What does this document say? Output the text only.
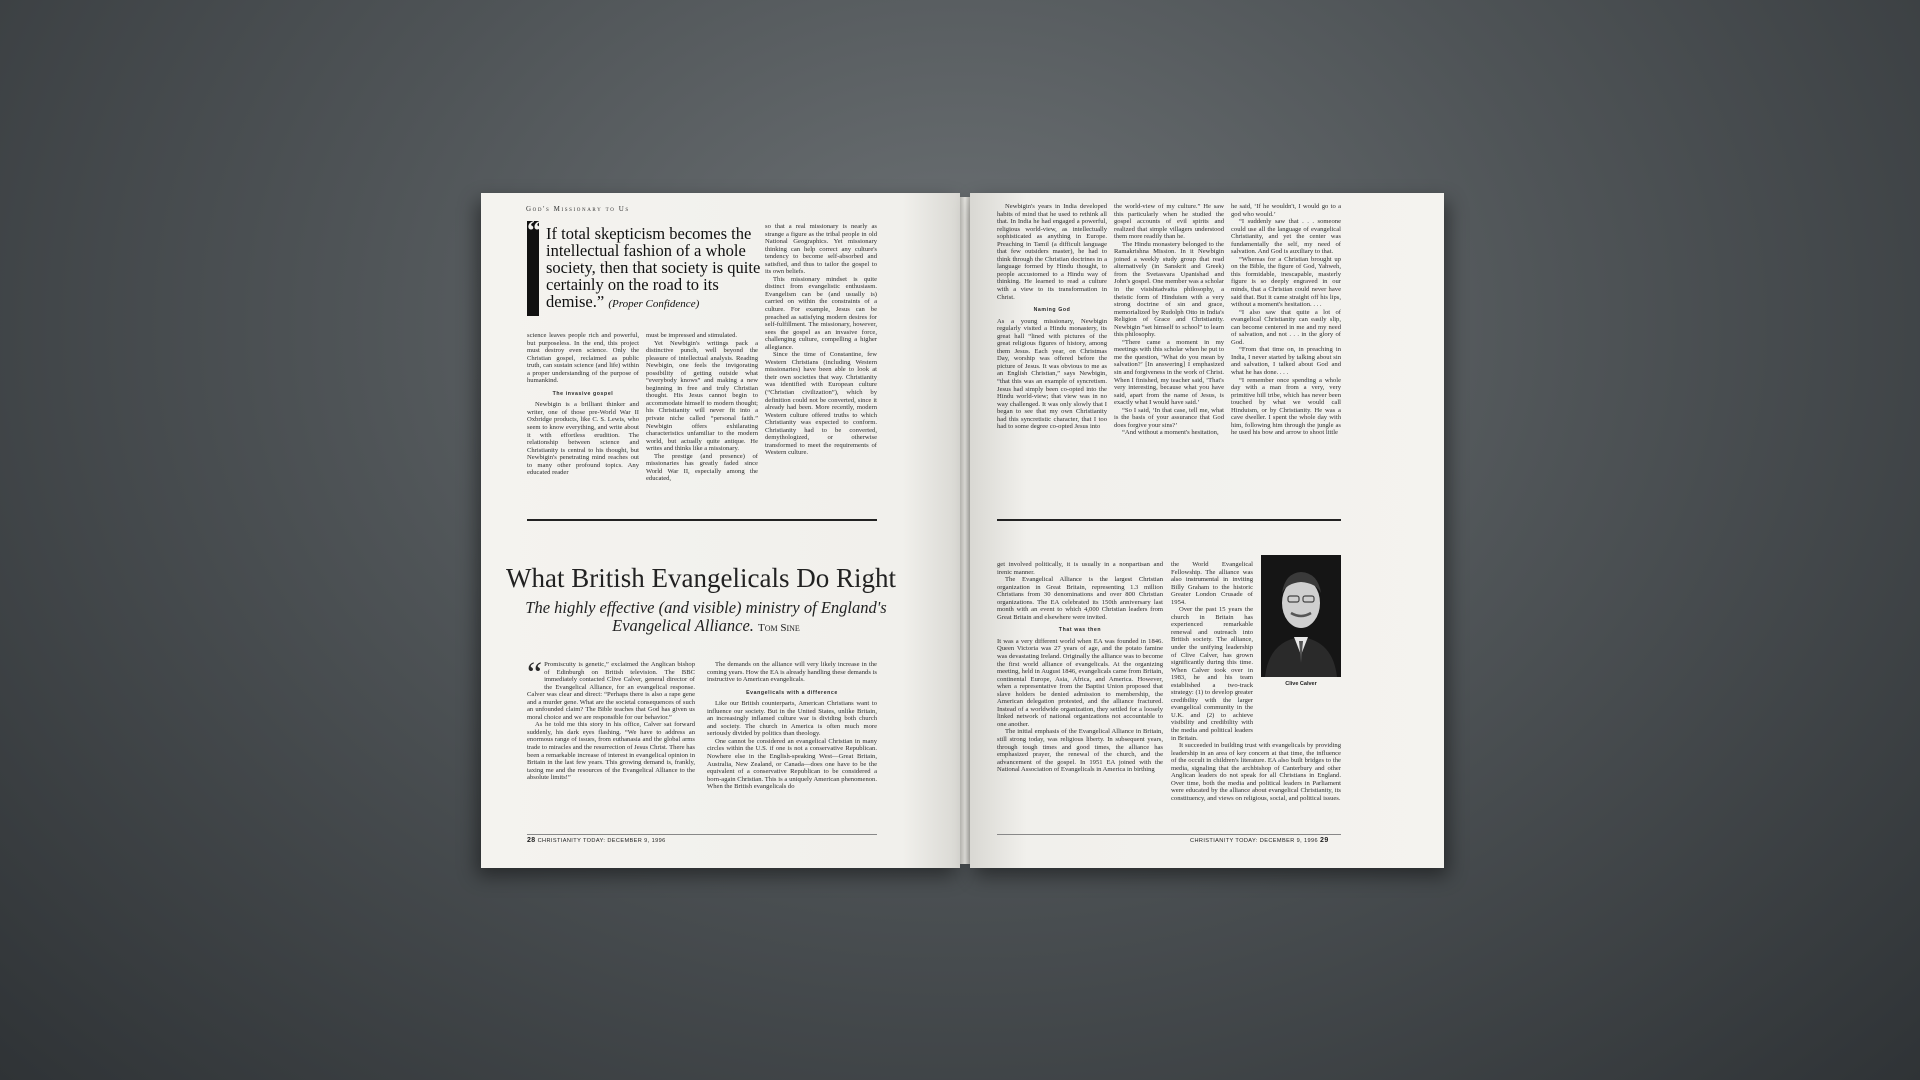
God's Missionary to Us
“ If total skepticism becomes the intellectual fashion of a whole society, then that society is quite certainly on the road to its demise.” (Proper Confidence)

science leaves people rich and powerful, but purposeless. In the end, this project must destroy even science. Only the Christian gospel, reclaimed as public truth, can sustain science (and life) within a proper understanding of the purpose of humankind.

The invasive gospel

Newbigin is a brilliant thinker and writer, one of those pre-World War II Oxbridge products, like C. S. Lewis, who seem to know everything, and write about it with effortless erudition. The relationship between science and Christianity is central to his thought, but Newbigin's penetrating mind reaches out to many other profound topics. Any educated reader

must be impressed and stimulated.

Yet Newbigin's writings pack a distinctive punch, well beyond the pleasure of intellectual analysis. Reading Newbigin, one feels the invigorating possibility of getting outside what “everybody knows” and making a new beginning in free and truly Christian thought. His Jesus cannot begin to accommodate himself to modern thought; his Christianity will never fit into a private niche called “personal faith.” Newbigin offers exhilarating characteristics unfamiliar to the modern world, but actually quite antique. He writes and thinks like a missionary.

The prestige (and presence) of missionaries has greatly faded since World War II, especially among the educated,

so that a real missionary is nearly as strange a figure as the tribal people in old National Geographics. Yet missionary thinking can help correct any culture's tendency to become self-absorbed and satisfied, and thus to tailor the gospel to its own beliefs.

This missionary mindset is quite distinct from evangelistic enthusiasm. Evangelism can be (and usually is) carried on within the constraints of a culture. For example, Jesus can be preached as satisfying modern desires for self-fulfillment. The missionary, however, sees the gospel as an invasive force, challenging culture, compelling a higher allegiance.

Since the time of Constantine, few Western Christians (including Western missionaries) have been able to look at their own societies that way. Christianity was identified with European culture (“Christian civilization”), which by definition could not be converted, since it already had been. More recently, modern Western culture offered truths to which Christianity was expected to conform. Christianity had to be converted, demythologized, or otherwise transformed to meet the requirements of Western culture.

What British Evangelicals Do Right
The highly effective (and visible) ministry of England's Evangelical Alliance. Tom Sine

“ Promiscuity is genetic,” exclaimed the Anglican bishop of Edinburgh on British television. The BBC immediately contacted Clive Calver, general director of the Evangelical Alliance, for an evangelical response. Calver was clear and direct: “Perhaps there is also a rape gene and a murder gene. What are the societal consequences of such an unfounded claim? The Bible teaches that God has given us moral choice and we are responsible for our behavior.”

As he told me this story in his office, Calver sat forward suddenly, his dark eyes flashing. “We have to address an enormous range of issues, from euthanasia and the global arms trade to miracles and the resurrection of Jesus Christ. There has been a remarkable increase of interest in evangelical opinion in Britain in the last few years. This growing demand is, frankly, taxing me and the resources of the Evangelical Alliance to the absolute limits!”

The demands on the alliance will very likely increase in the coming years. How the EA is already handling these demands is instructive to American evangelicals.

Evangelicals with a difference

Like our British counterparts, American Christians want to influence our society. But in the United States, unlike Britain, an increasingly inflamed culture war is dividing both church and society. The church in America is often much more seriously divided by politics than theology.

One cannot be considered an evangelical Christian in many circles within the U.S. if one is not a conservative Republican. Nowhere else in the English-speaking West—Great Britain, Australia, New Zealand, or Canada—does one have to be the equivalent of a conservative Republican to be considered a born-again Christian. This is a uniquely American phenomenon. When the British evangelicals do

28 CHRISTIANITY TODAY: DECEMBER 9, 1996

Newbigin's years in India developed habits of mind that he used to rethink all that. In India he had engaged a powerful, religious world-view, as intellectually sophisticated as anything in Europe. Preaching in Tamil (a difficult language that few outsiders master), he had to think through the Christian doctrines in a language formed by Hindu thought, to people accustomed to a Hindu way of thinking. He learned to read a culture with a view to its transformation in Christ.

Naming God

As a young missionary, Newbigin regularly visited a Hindu monastery, its great hall “lined with pictures of the great religious figures of history, among them Jesus. Each year, on Christmas Day, worship was offered before the picture of Jesus. It was obvious to me as an English Christian,” says Newbigin, “that this was an example of syncretism. Jesus had simply been co-opted into the Hindu world-view; that view was in no way challenged. It was only slowly that I began to see that my own Christianity had this syncretistic character, that I too had to some degree co-opted Jesus into

the world-view of my culture.” He saw this particularly when he studied the gospel accounts of evil spirits and realized that simple villagers understood them more readily than he.

The Hindu monastery belonged to the Ramakrishna Mission. In it Newbigin joined a weekly study group that read alternatively (in Sanskrit and Greek) from the Svetasvara Upanishad and John's gospel. One member was a scholar in the visishtadvaita philosophy, a theistic form of Hinduism with a very strong doctrine of sin and grace, memorialized by Rudolph Otto in India's Religion of Grace and Christianity. Newbigin “set himself to school” to learn this philosophy.

“There came a moment in my meetings with this scholar when he put to me the question, ‘What do you mean by salvation?’ [In answering] I emphasized sin and forgiveness in the work of Christ. When I finished, my teacher said, ‘That's very interesting, because what you have said, apart from the name of Jesus, is exactly what I would have said.’

“So I said, ‘In that case, tell me, what is the basis of your assurance that God does forgive your sins?’

“And without a moment's hesitation,

he said, ‘If he wouldn't, I would go to a god who would.’

“I suddenly saw that . . . someone could use all the language of evangelical Christianity, and yet the center was fundamentally the self, my need of salvation. And God is auxiliary to that.

“Whereas for a Christian brought up on the Bible, the figure of God, Yahweh, this formidable, inescapable, masterly figure is so deeply engraved in our minds, that a Christian could never have said that. But it came straight off his lips, without a moment's hesitation. . . .

“I also saw that quite a lot of evangelical Christianity can easily slip, can become centered in me and my need of salvation, and not . . . in the glory of God.

“From that time on, in preaching in India, I never started by talking about sin and salvation, I talked about God and what he has done. . . .

“I remember once spending a whole day with a man from a very, very primitive hill tribe, which has never been touched by what we would call Hinduism, or by Christianity. He was a cave dweller. I spent the whole day with him, following him through the jungle as he used his bow and arrow to shoot little

get involved politically, it is usually in a nonpartisan and irenic manner.

The Evangelical Alliance is the largest Christian organization in Great Britain, representing 1.3 million Christians from 30 denominations and over 800 Christian organizations. The EA celebrated its 150th anniversary last month with an event to which 4,000 Christian leaders from Great Britain and elsewhere were invited.

That was then

It was a very different world when EA was founded in 1846. Queen Victoria was 27 years of age, and the potato famine was devastating Ireland. Originally the alliance was to become the first world alliance of evangelicals. At the organizing meeting, held in August 1846, evangelicals came from Britain, continental Europe, Asia, Africa, and America. However, when a representative from the Baptist Union proposed that slave holders be denied admission to membership, the American delegation protested, and the alliance fractured. Instead of a worldwide organization, they settled for a loosely linked network of national organizations not accountable to one another.

The initial emphasis of the Evangelical Alliance in Britain, still strong today, was religious liberty. In subsequent years, through tough times and good times, the alliance has emphasized prayer, the renewal of the church, and the advancement of the gospel. In 1951 EA joined with the National Association of Evangelicals in America in birthing

the World Evangelical Fellowship. The alliance was also instrumental in inviting Billy Graham to the historic Greater London Crusade of 1954.

Over the past 15 years the church in Britain has experienced remarkable renewal and outreach into British society. The alliance, under the unifying leadership of Clive Calver, has grown significantly during this time. When Calver took over in 1983, he and his team established a two-track strategy: (1) to develop greater credibility with the larger evangelical community in the U.K. and (2) to achieve visibility and credibility with the media and political leaders in Britain.

It succeeded in building trust with evangelicals by providing leadership in an area of key concern at that time, the influence of the occult in children's literature. EA also built bridges to the media, signaling that the archbishop of Canterbury and other Anglican leaders do not speak for all Christians in England. Over time, both the media and political leaders in Parliament were educated by the alliance about evangelical Christianity, its constituency, and views on religious, social, and political issues.

Clive Calver
CHRISTIANITY TODAY: DECEMBER 9, 1996 29
